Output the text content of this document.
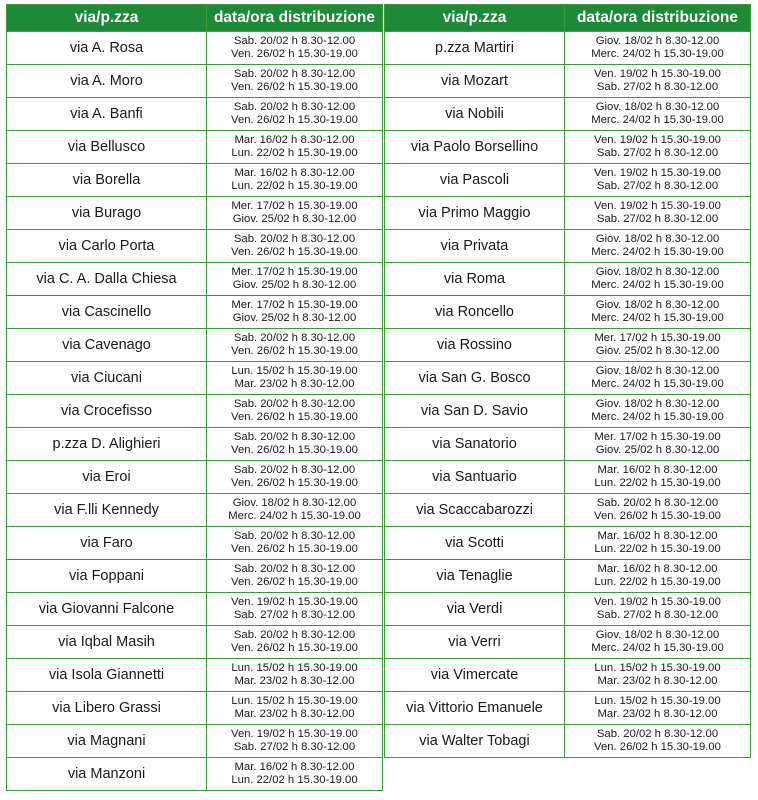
via/p.zza	data/ora distribuzione
via A. Rosa	Sab. 20/02 h 8.30-12.00
Ven. 26/02 h 15.30-19.00

via A. Moro	Sab. 20/02 h 8.30-12.00
Ven. 26/02 h 15.30-19.00

via A. Banfi	Sab. 20/02 h 8.30-12.00
Ven. 26/02 h 15.30-19.00

via Bellusco	Mar. 16/02 h 8.30-12.00
Lun. 22/02 h 15.30-19.00

via Borella	Mar. 16/02 h 8.30-12.00
Lun. 22/02 h 15.30-19.00

via Burago	Mer. 17/02 h 15.30-19.00
Giov. 25/02 h 8.30-12.00

via Carlo Porta	Sab. 20/02 h 8.30-12.00
Ven. 26/02 h 15.30-19.00

via C. A. Dalla Chiesa	Mer. 17/02 h 15.30-19.00
Giov. 25/02 h 8.30-12.00

via Cascinello	Mer. 17/02 h 15.30-19.00
Giov. 25/02 h 8.30-12.00

via Cavenago	Sab. 20/02 h 8.30-12.00
Ven. 26/02 h 15.30-19.00

via Ciucani	Lun. 15/02 h 15.30-19.00
Mar. 23/02 h 8.30-12.00

via Crocefisso	Sab. 20/02 h 8.30-12.00
Ven. 26/02 h 15.30-19.00

p.zza D. Alighieri	Sab. 20/02 h 8.30-12.00
Ven. 26/02 h 15.30-19.00

via Eroi	Sab. 20/02 h 8.30-12.00
Ven. 26/02 h 15.30-19.00

via F.lli Kennedy	Giov. 18/02 h 8.30-12.00
Merc. 24/02 h 15.30-19.00

via Faro	Sab. 20/02 h 8.30-12.00
Ven. 26/02 h 15.30-19.00

via Foppani	Sab. 20/02 h 8.30-12.00
Ven. 26/02 h 15.30-19.00

via Giovanni Falcone	Ven. 19/02 h 15.30-19.00
Sab. 27/02 h 8.30-12.00

via Iqbal Masih	Sab. 20/02 h 8.30-12.00
Ven. 26/02 h 15.30-19.00

via Isola Giannetti	Lun. 15/02 h 15.30-19.00
Mar. 23/02 h 8.30-12.00

via Libero Grassi	Lun. 15/02 h 15.30-19.00
Mar. 23/02 h 8.30-12.00

via Magnani	Ven. 19/02 h 15.30-19.00
Sab. 27/02 h 8.30-12.00

via Manzoni	Mar. 16/02 h 8.30-12.00
Lun. 22/02 h 15.30-19.00
via/p.zza	data/ora distribuzione
p.zza Martiri	Giov. 18/02 h 8.30-12.00
Merc. 24/02 h 15.30-19.00

via Mozart	Ven. 19/02 h 15.30-19.00
Sab. 27/02 h 8.30-12.00

via Nobili	Giov. 18/02 h 8.30-12.00
Merc. 24/02 h 15.30-19.00

via Paolo Borsellino	Ven. 19/02 h 15.30-19.00
Sab. 27/02 h 8.30-12.00

via Pascoli	Ven. 19/02 h 15.30-19.00
Sab. 27/02 h 8.30-12.00

via Primo Maggio	Ven. 19/02 h 15.30-19.00
Sab. 27/02 h 8.30-12.00

via Privata	Giov. 18/02 h 8.30-12.00
Merc. 24/02 h 15.30-19.00

via Roma	Giov. 18/02 h 8.30-12.00
Merc. 24/02 h 15.30-19.00

via Roncello	Giov. 18/02 h 8.30-12.00
Merc. 24/02 h 15.30-19.00

via Rossino	Mer. 17/02 h 15.30-19.00
Giov. 25/02 h 8.30-12.00

via San G. Bosco	Giov. 18/02 h 8.30-12.00
Merc. 24/02 h 15.30-19.00

via San D. Savio	Giov. 18/02 h 8.30-12.00
Merc. 24/02 h 15.30-19.00

via Sanatorio	Mer. 17/02 h 15.30-19.00
Giov. 25/02 h 8.30-12.00

via Santuario	Mar. 16/02 h 8.30-12.00
Lun. 22/02 h 15.30-19.00

via Scaccabarozzi	Sab. 20/02 h 8.30-12.00
Ven. 26/02 h 15.30-19.00

via Scotti	Mar. 16/02 h 8.30-12.00
Lun. 22/02 h 15.30-19.00

via Tenaglie	Mar. 16/02 h 8.30-12.00
Lun. 22/02 h 15.30-19.00

via Verdi	Ven. 19/02 h 15.30-19.00
Sab. 27/02 h 8.30-12.00

via Verri	Giov. 18/02 h 8.30-12.00
Merc. 24/02 h 15.30-19.00

via Vimercate	Lun. 15/02 h 15.30-19.00
Mar. 23/02 h 8.30-12.00

via Vittorio Emanuele	Lun. 15/02 h 15.30-19.00
Mar. 23/02 h 8.30-12.00

via Walter Tobagi	Sab. 20/02 h 8.30-12.00
Ven. 26/02 h 15.30-19.00
